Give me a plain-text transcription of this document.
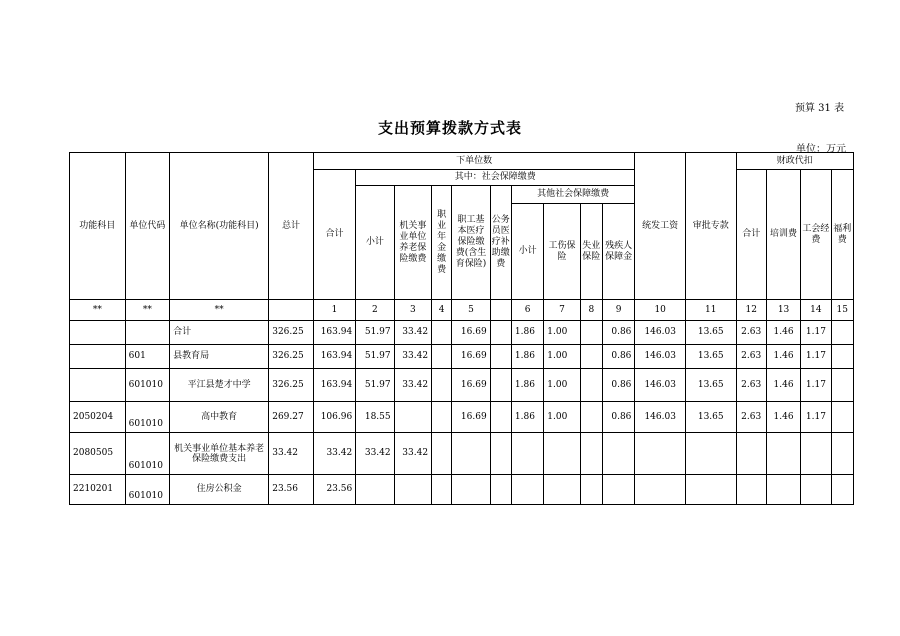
预算 31 表
支出预算拨款方式表
单位：万元
功能科目	单位代码	单位名称(功能科目)	总计	下单位数										统发工资	审批专款	财政代扣			
				合计	其中：社会保障缴费											合计	培训费	工会经费	福利费
					小计	机关事业单位养老保险缴费	职业年金缴费	职工基本医疗保险缴费(含生育保险)	公务员医疗补助缴费	其他社会保障缴费									
										小计	工伤保险	失业保险	残疾人保障金						
**	**	**		1	2	3	4	5		6	7	8	9	10	11	12	13	14	15
		合计	326.25	163.94	51.97	33.42		16.69		1.86	1.00		0.86	146.03	13.65	2.63	1.46	1.17	
	601	县教育局	326.25	163.94	51.97	33.42		16.69		1.86	1.00		0.86	146.03	13.65	2.63	1.46	1.17	
	601010	平江县楚才中学	326.25	163.94	51.97	33.42		16.69		1.86	1.00		0.86	146.03	13.65	2.63	1.46	1.17	
2050204	601010	高中教育	269.27	106.96	18.55			16.69		1.86	1.00		0.86	146.03	13.65	2.63	1.46	1.17	
2080505	601010	机关事业单位基本养老保险缴费支出	33.42	33.42	33.42	33.42													
2210201	601010	住房公积金	23.56	23.56															
